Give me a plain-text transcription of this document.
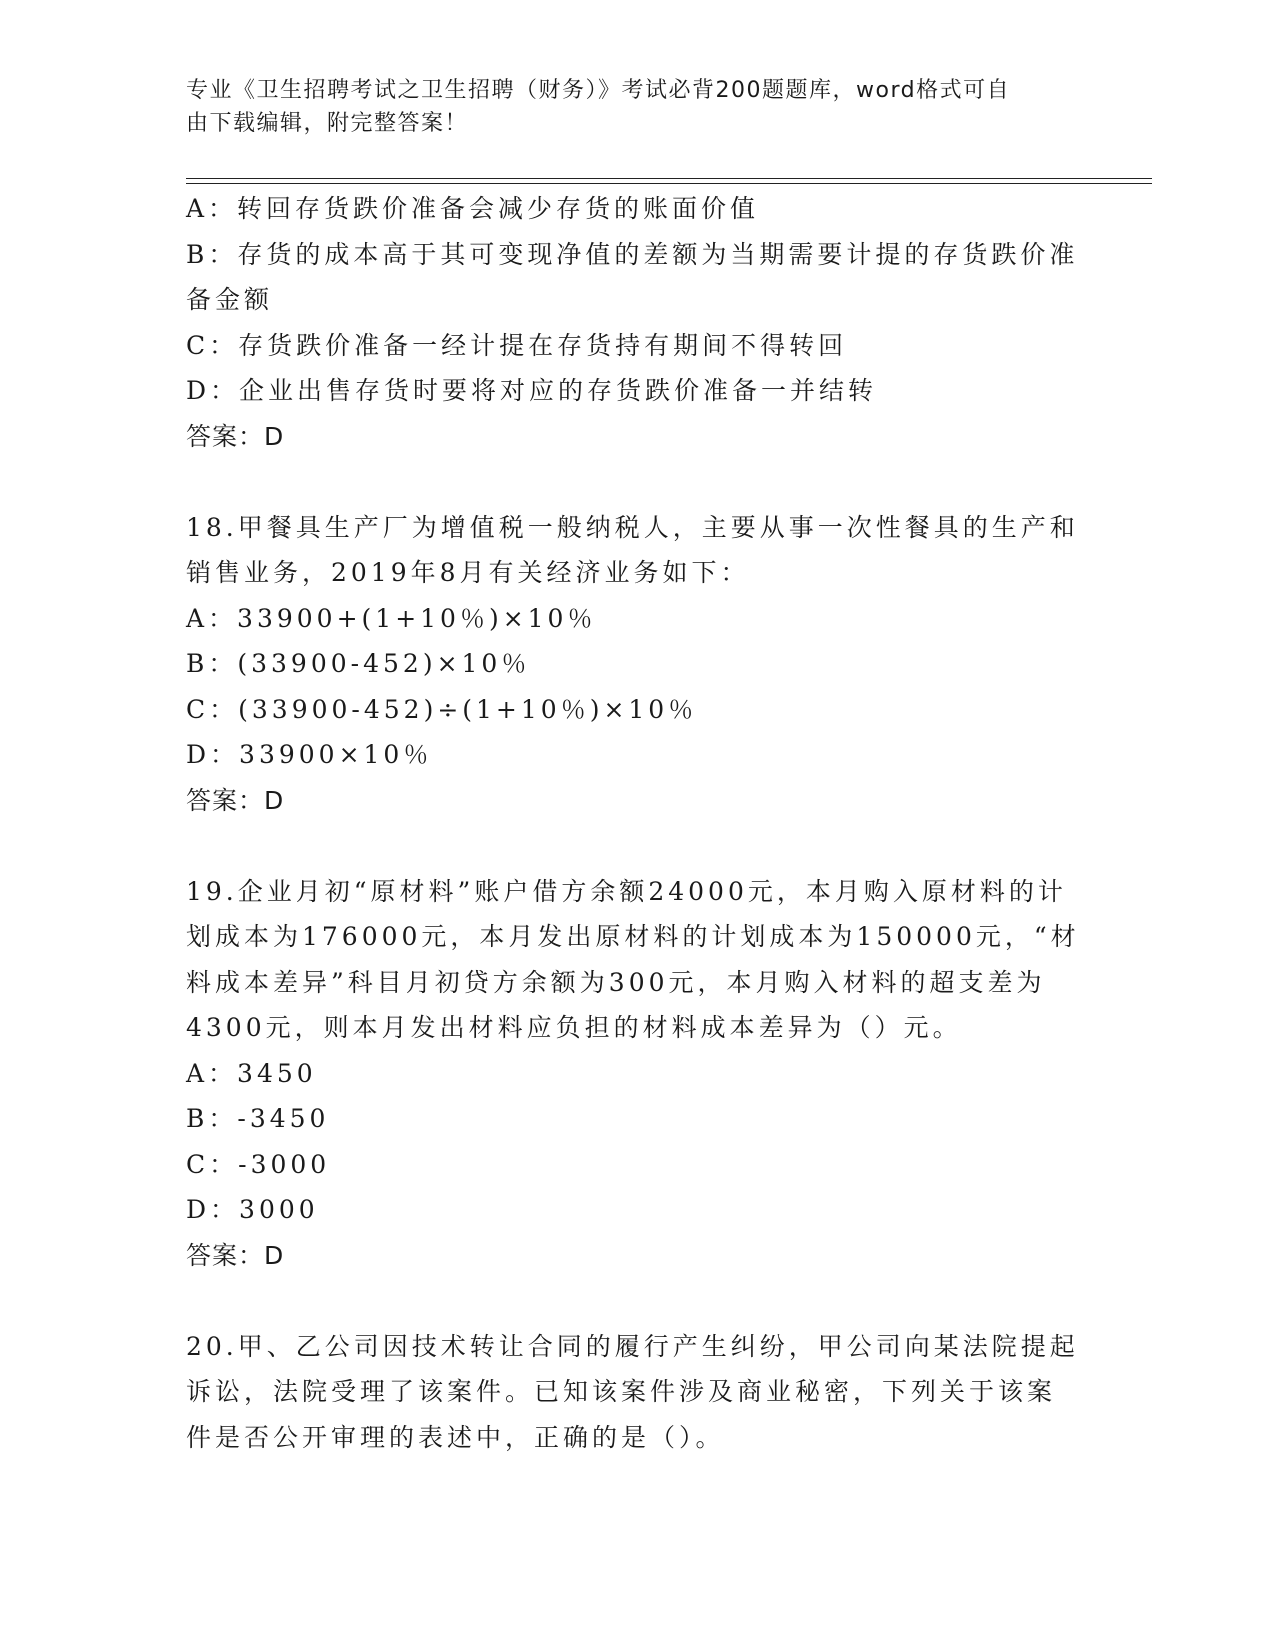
专业《卫生招聘考试之卫生招聘（财务）》考试必背200题题库，word格式可自
由下载编辑，附完整答案！
A：转回存货跌价准备会减少存货的账面价值
B：存货的成本高于其可变现净值的差额为当期需要计提的存货跌价准
备金额
C：存货跌价准备一经计提在存货持有期间不得转回
D：企业出售存货时要将对应的存货跌价准备一并结转
答案：D
18.甲餐具生产厂为增值税一般纳税人，主要从事一次性餐具的生产和
销售业务，2019年8月有关经济业务如下：
A：33900+(1+10％)×10％
B：(33900-452)×10％
C：(33900-452)÷(1+10％)×10％
D：33900×10％
答案：D
19.企业月初“原材料”账户借方余额24000元，本月购入原材料的计
划成本为176000元，本月发出原材料的计划成本为150000元，“材
料成本差异”科目月初贷方余额为300元，本月购入材料的超支差为
4300元，则本月发出材料应负担的材料成本差异为（）元。
A：3450
B：-3450
C：-3000
D：3000
答案：D
20.甲、乙公司因技术转让合同的履行产生纠纷，甲公司向某法院提起
诉讼，法院受理了该案件。已知该案件涉及商业秘密，下列关于该案
件是否公开审理的表述中，正确的是（）。
